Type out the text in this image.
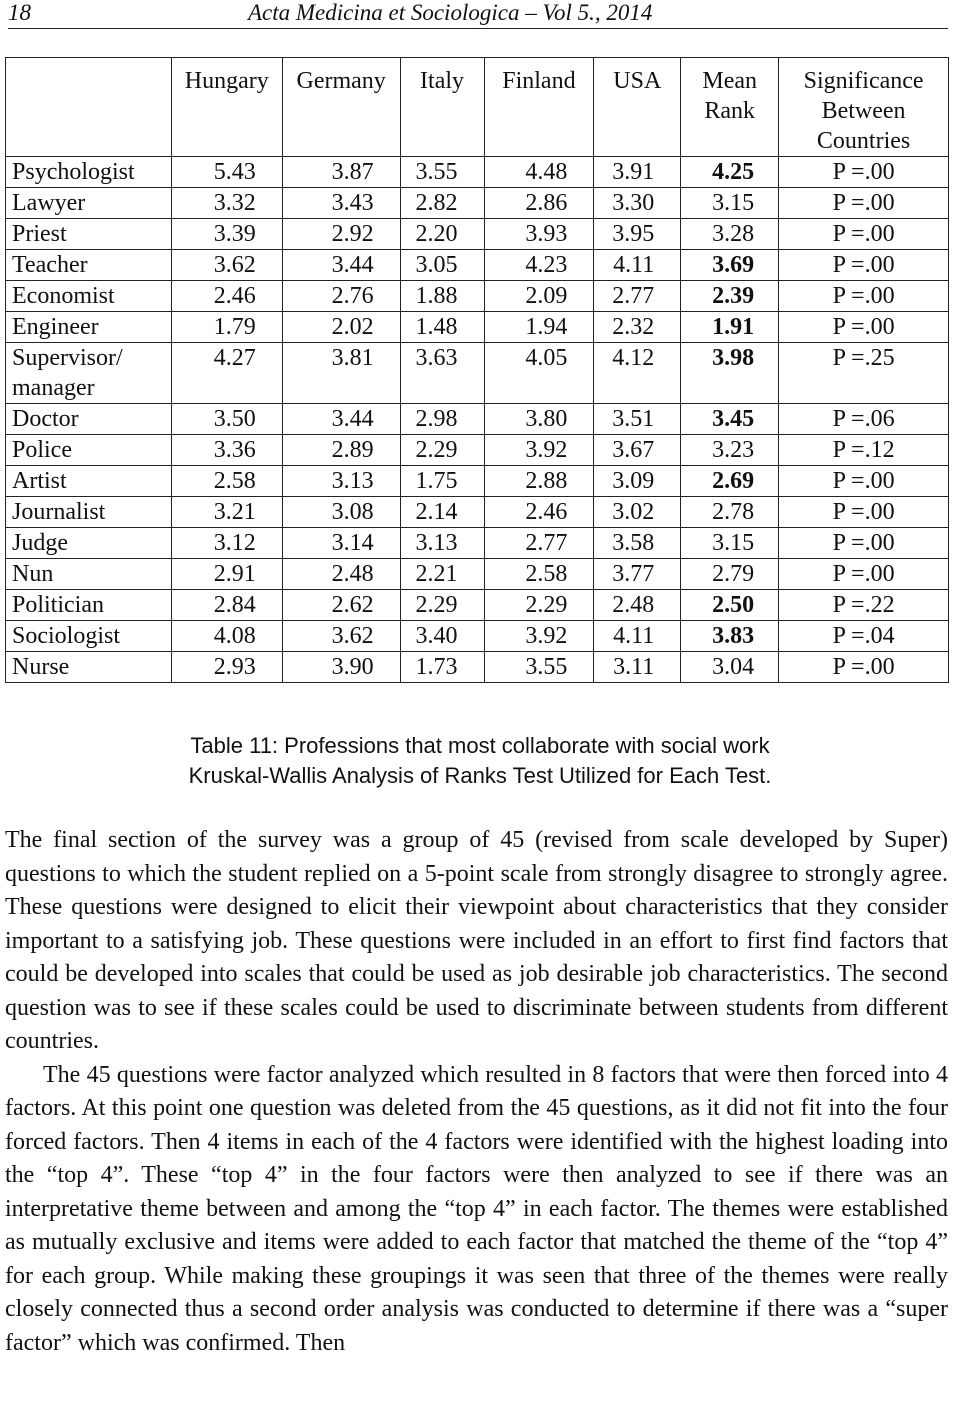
18	Acta Medicina et Sociologica – Vol 5., 2014
	Hungary	Germany	Italy	Finland	USA	Mean Rank	Significance Between Countries
Psychologist	5.43	3.87	3.55	4.48	3.91	4.25	P =.00
Lawyer	3.32	3.43	2.82	2.86	3.30	3.15	P =.00
Priest	3.39	2.92	2.20	3.93	3.95	3.28	P =.00
Teacher	3.62	3.44	3.05	4.23	4.11	3.69	P =.00
Economist	2.46	2.76	1.88	2.09	2.77	2.39	P =.00
Engineer	1.79	2.02	1.48	1.94	2.32	1.91	P =.00
Supervisor/ manager	4.27	3.81	3.63	4.05	4.12	3.98	P =.25
Doctor	3.50	3.44	2.98	3.80	3.51	3.45	P =.06
Police	3.36	2.89	2.29	3.92	3.67	3.23	P =.12
Artist	2.58	3.13	1.75	2.88	3.09	2.69	P =.00
Journalist	3.21	3.08	2.14	2.46	3.02	2.78	P =.00
Judge	3.12	3.14	3.13	2.77	3.58	3.15	P =.00
Nun	2.91	2.48	2.21	2.58	3.77	2.79	P =.00
Politician	2.84	2.62	2.29	2.29	2.48	2.50	P =.22
Sociologist	4.08	3.62	3.40	3.92	4.11	3.83	P =.04
Nurse	2.93	3.90	1.73	3.55	3.11	3.04	P =.00
Table 11: Professions that most collaborate with social work
Kruskal-Wallis Analysis of Ranks Test Utilized for Each Test.

The final section of the survey was a group of 45 (revised from scale developed by Super) questions to which the student replied on a 5-point scale from strongly disagree to strongly agree. These questions were designed to elicit their viewpoint about characteristics that they consider important to a satisfying job. These questions were included in an effort to first find factors that could be developed into scales that could be used as job desirable job characteristics. The second question was to see if these scales could be used to discriminate between students from different countries.

The 45 questions were factor analyzed which resulted in 8 factors that were then forced into 4 factors. At this point one question was deleted from the 45 questions, as it did not fit into the four forced factors. Then 4 items in each of the 4 factors were identified with the highest loading into the “top 4”. These “top 4” in the four factors were then analyzed to see if there was an interpretative theme between and among the “top 4” in each factor. The themes were established as mutually exclusive and items were added to each factor that matched the theme of the “top 4” for each group. While making these groupings it was seen that three of the themes were really closely connected thus a second order analysis was conducted to determine if there was a “super factor” which was confirmed. Then
